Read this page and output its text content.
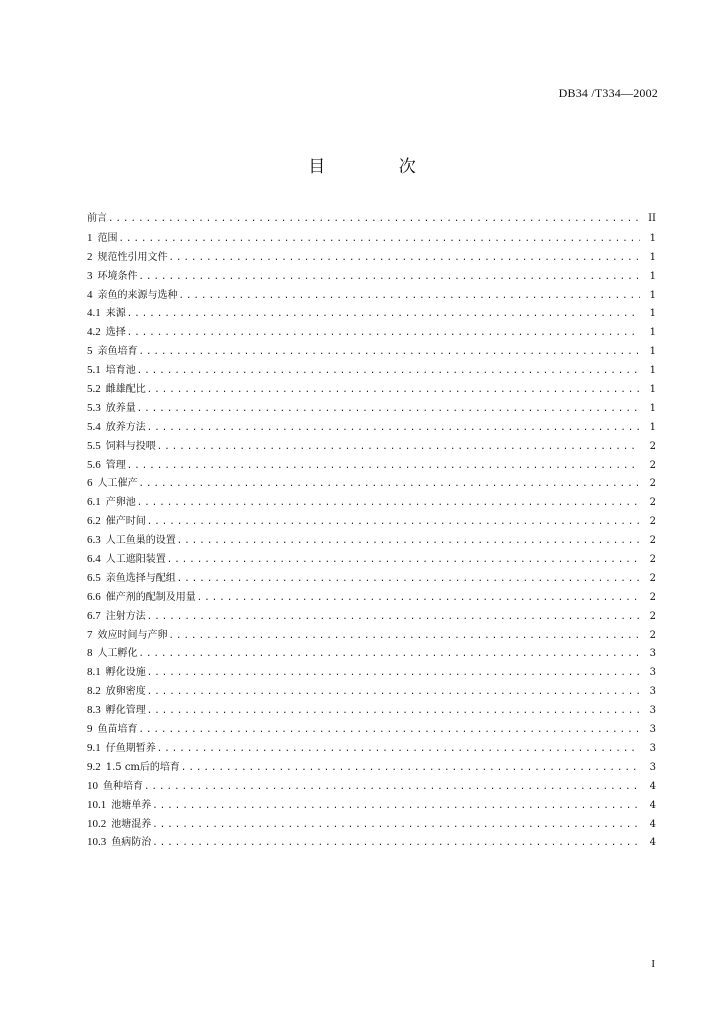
DB34 /T334—2002
目 次
前言 .....	II
1 范围 .....	1
2 规范性引用文件 .....	1
3 环境条件 .....	1
4 亲鱼的来源与选种 .....	1
4.1 来源 .....	1
4.2 选择 .....	1
5 亲鱼培育 .....	1
5.1 培育池 .....	1
5.2 雌雄配比 .....	1
5.3 放养量 .....	1
5.4 放养方法 .....	1
5.5 饲料与投喂 .....	2
5.6 管理 .....	2
6 人工催产 .....	2
6.1 产卵池 .....	2
6.2 催产时间 .....	2
6.3 人工鱼巢的设置 .....	2
6.4 人工遮阳装置 .....	2
6.5 亲鱼选择与配组 .....	2
6.6 催产剂的配制及用量 .....	2
6.7 注射方法 .....	2
7 效应时间与产卵 .....	2
8 人工孵化 .....	3
8.1 孵化设施 .....	3
8.2 放卵密度 .....	3
8.3 孵化管理 .....	3
9 鱼苗培育 .....	3
9.1 仔鱼期暂养 .....	3
9.2 1.5 cm后的培育 .....	3
10 鱼种培育 .....	4
10.1 池塘单养 .....	4
10.2 池塘混养 .....	4
10.3 鱼病防治 .....	4
I
